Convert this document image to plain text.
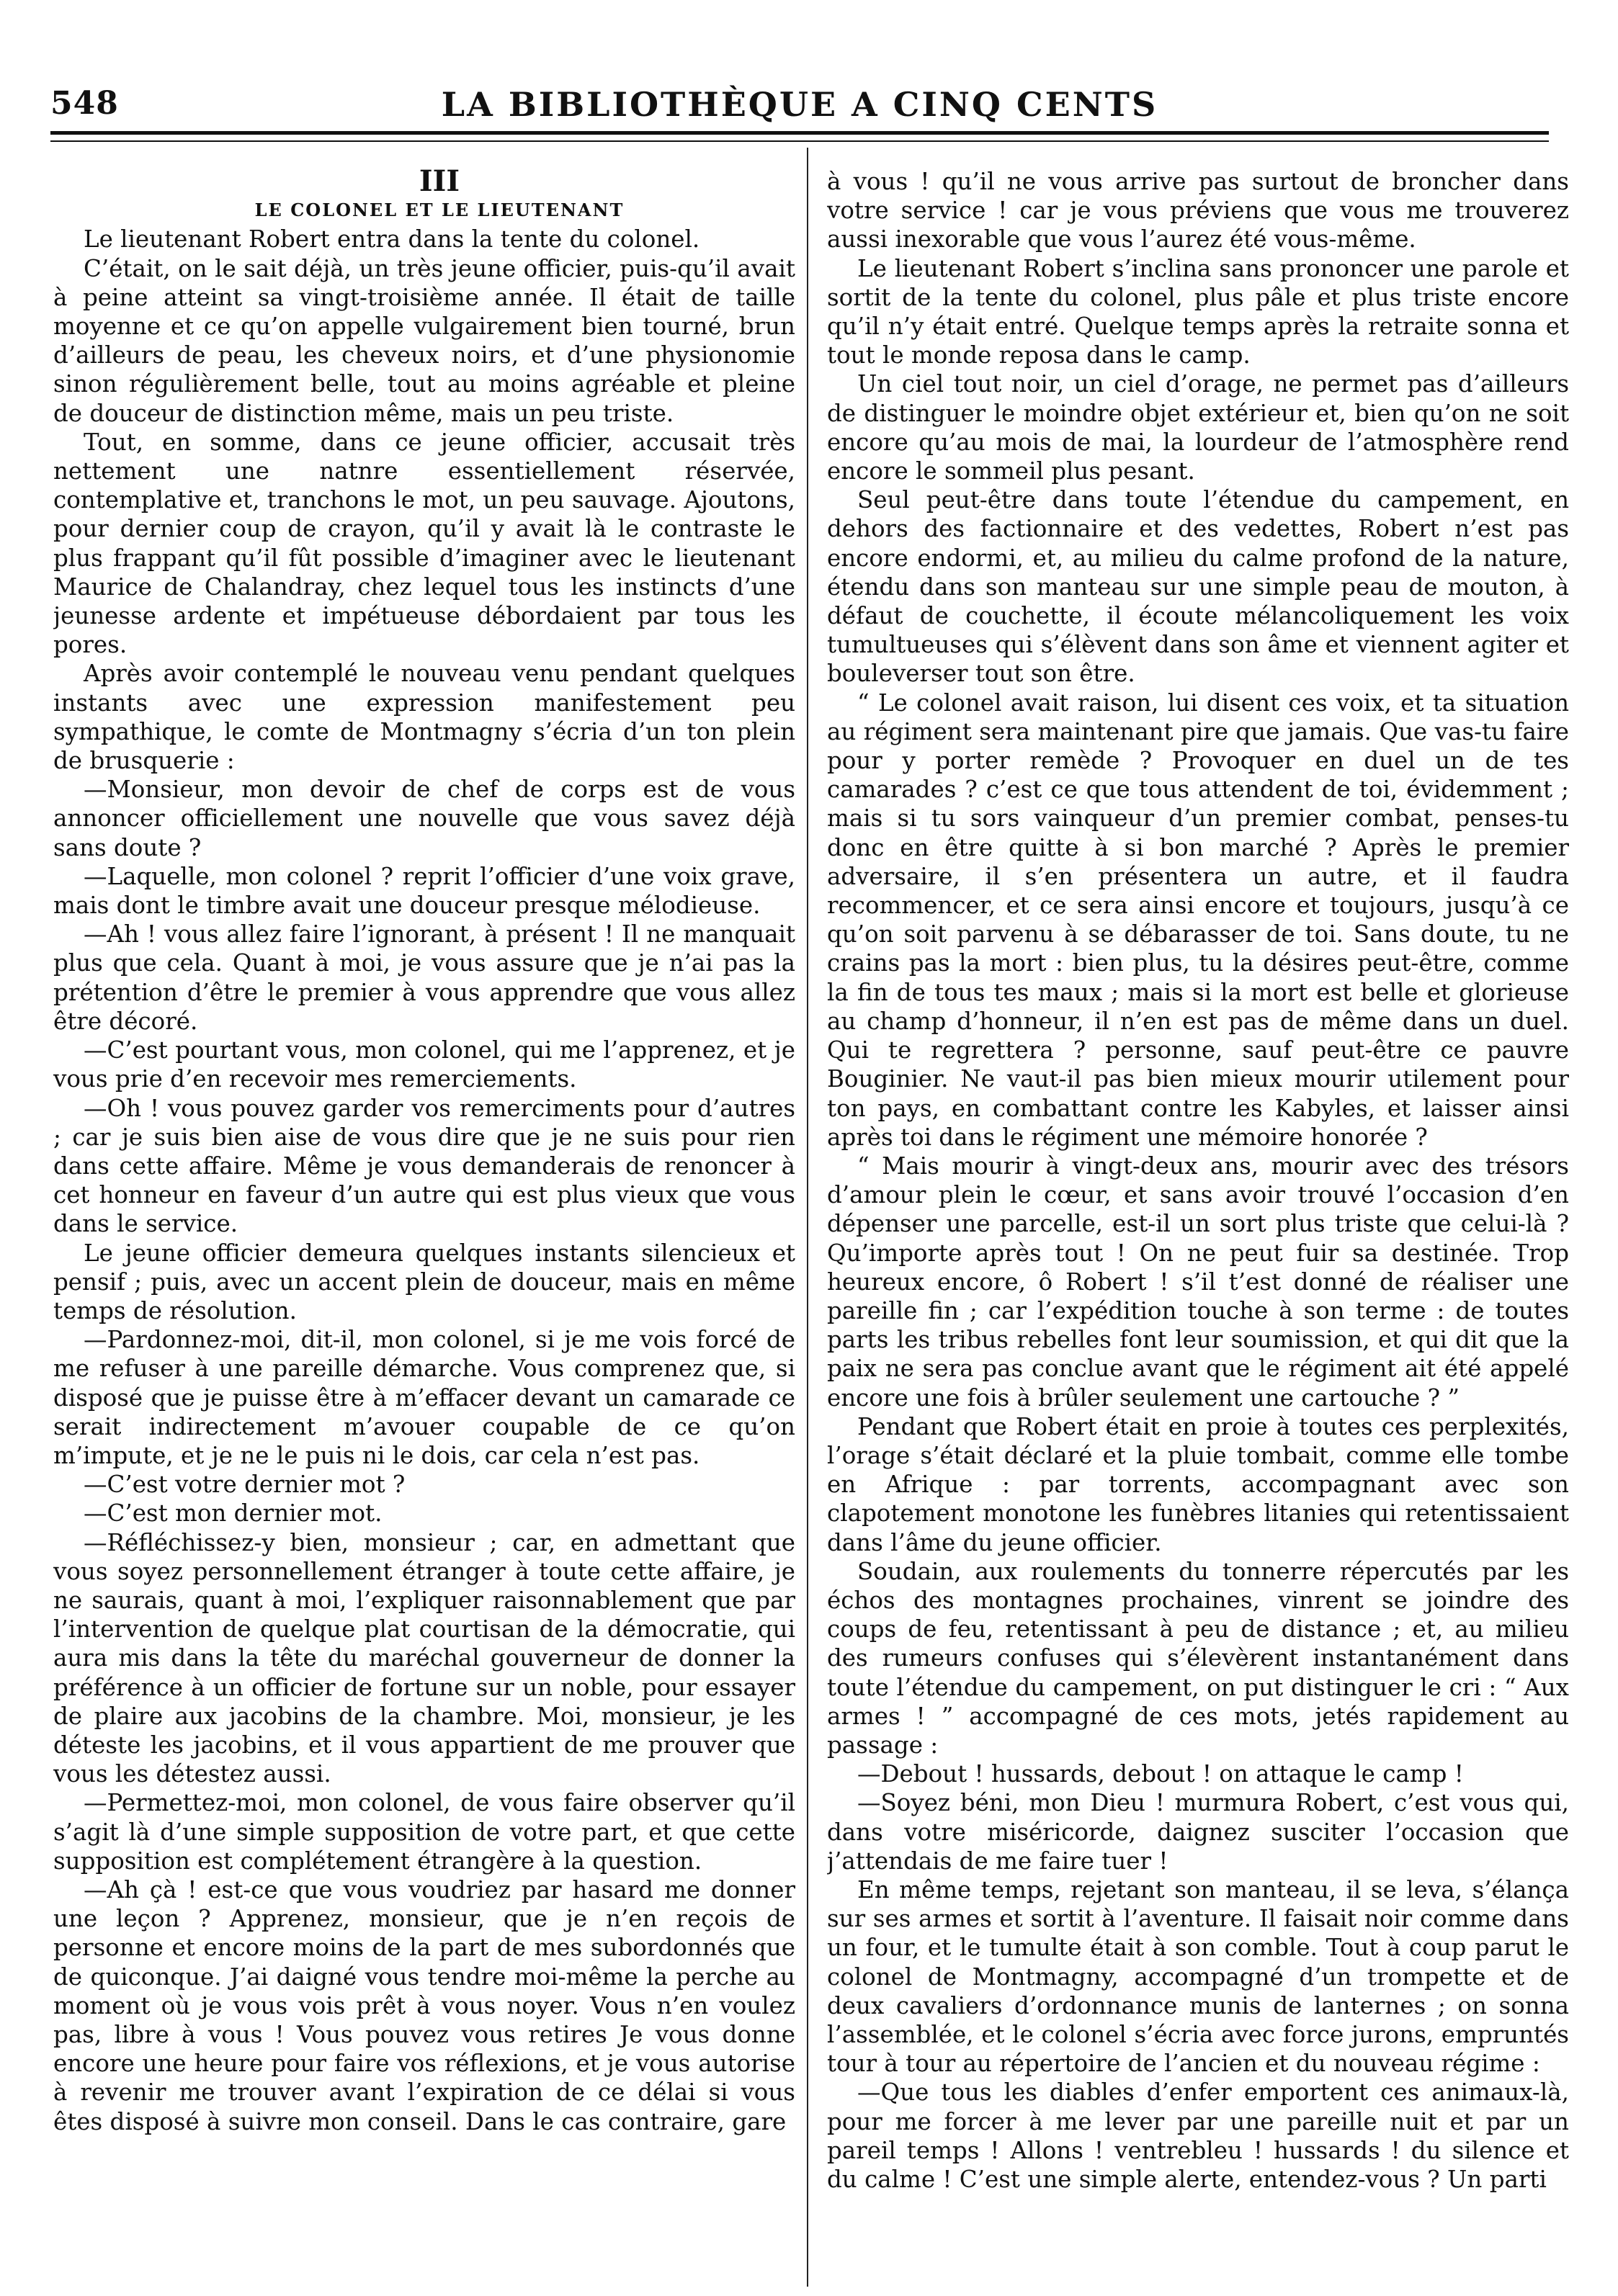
548	LA BIBLIOTHÈQUE A CINQ CENTS

III

LE COLONEL ET LE LIEUTENANT

Le lieutenant Robert entra dans la tente du colonel.

C’était, on le sait déjà, un très jeune officier, puis-qu’il avait à peine atteint sa vingt-troisième année. Il était de taille moyenne et ce qu’on appelle vulgairement bien tourné, brun d’ailleurs de peau, les cheveux noirs, et d’une physionomie sinon régulièrement belle, tout au moins agréable et pleine de douceur de distinction même, mais un peu triste.

Tout, en somme, dans ce jeune officier, accusait très nettement une natnre essentiellement réservée, contemplative et, tranchons le mot, un peu sauvage. Ajoutons, pour dernier coup de crayon, qu’il y avait là le contraste le plus frappant qu’il fût possible d’imaginer avec le lieutenant Maurice de Chalandray, chez lequel tous les instincts d’une jeunesse ardente et impétueuse débordaient par tous les pores.

Après avoir contemplé le nouveau venu pendant quelques instants avec une expression manifestement peu sympathique, le comte de Montmagny s’écria d’un ton plein de brusquerie :

—Monsieur, mon devoir de chef de corps est de vous annoncer officiellement une nouvelle que vous savez déjà sans doute ?

—Laquelle, mon colonel ? reprit l’officier d’une voix grave, mais dont le timbre avait une douceur presque mélodieuse.

—Ah ! vous allez faire l’ignorant, à présent ! Il ne manquait plus que cela. Quant à moi, je vous assure que je n’ai pas la prétention d’être le premier à vous apprendre que vous allez être décoré.

—C’est pourtant vous, mon colonel, qui me l’apprenez, et je vous prie d’en recevoir mes remerciements.

—Oh ! vous pouvez garder vos remerciments pour d’autres ; car je suis bien aise de vous dire que je ne suis pour rien dans cette affaire. Même je vous demanderais de renoncer à cet honneur en faveur d’un autre qui est plus vieux que vous dans le service.

Le jeune officier demeura quelques instants silencieux et pensif ; puis, avec un accent plein de douceur, mais en même temps de résolution.

—Pardonnez-moi, dit-il, mon colonel, si je me vois forcé de me refuser à une pareille démarche. Vous comprenez que, si disposé que je puisse être à m’effacer devant un camarade ce serait indirectement m’avouer coupable de ce qu’on m’impute, et je ne le puis ni le dois, car cela n’est pas.

—C’est votre dernier mot ?

—C’est mon dernier mot.

—Réfléchissez-y bien, monsieur ; car, en admettant que vous soyez personnellement étranger à toute cette affaire, je ne saurais, quant à moi, l’expliquer raisonnablement que par l’intervention de quelque plat courtisan de la démocratie, qui aura mis dans la tête du maréchal gouverneur de donner la préférence à un officier de fortune sur un noble, pour essayer de plaire aux jacobins de la chambre. Moi, monsieur, je les déteste les jacobins, et il vous appartient de me prouver que vous les détestez aussi.

—Permettez-moi, mon colonel, de vous faire observer qu’il s’agit là d’une simple supposition de votre part, et que cette supposition est complétement étrangère à la question.

—Ah çà ! est-ce que vous voudriez par hasard me donner une leçon ? Apprenez, monsieur, que je n’en reçois de personne et encore moins de la part de mes subordonnés que de quiconque. J’ai daigné vous tendre moi-même la perche au moment où je vous vois prêt à vous noyer. Vous n’en voulez pas, libre à vous ! Vous pouvez vous retires Je vous donne encore une heure pour faire vos réflexions, et je vous autorise à revenir me trouver avant l’expiration de ce délai si vous êtes disposé à suivre mon conseil. Dans le cas contraire, gare

à vous ! qu’il ne vous arrive pas surtout de broncher dans votre service ! car je vous préviens que vous me trouverez aussi inexorable que vous l’aurez été vous-même.

Le lieutenant Robert s’inclina sans prononcer une parole et sortit de la tente du colonel, plus pâle et plus triste encore qu’il n’y était entré. Quelque temps après la retraite sonna et tout le monde reposa dans le camp.

Un ciel tout noir, un ciel d’orage, ne permet pas d’ailleurs de distinguer le moindre objet extérieur et, bien qu’on ne soit encore qu’au mois de mai, la lourdeur de l’atmosphère rend encore le sommeil plus pesant.

Seul peut-être dans toute l’étendue du campement, en dehors des factionnaire et des vedettes, Robert n’est pas encore endormi, et, au milieu du calme profond de la nature, étendu dans son manteau sur une simple peau de mouton, à défaut de couchette, il écoute mélancoliquement les voix tumultueuses qui s’élèvent dans son âme et viennent agiter et bouleverser tout son être.

“ Le colonel avait raison, lui disent ces voix, et ta situation au régiment sera maintenant pire que jamais. Que vas-tu faire pour y porter remède ? Provoquer en duel un de tes camarades ? c’est ce que tous attendent de toi, évidemment ; mais si tu sors vainqueur d’un premier combat, penses-tu donc en être quitte à si bon marché ? Après le premier adversaire, il s’en présentera un autre, et il faudra recommencer, et ce sera ainsi encore et toujours, jusqu’à ce qu’on soit parvenu à se débarasser de toi. Sans doute, tu ne crains pas la mort : bien plus, tu la désires peut-être, comme la fin de tous tes maux ; mais si la mort est belle et glorieuse au champ d’honneur, il n’en est pas de même dans un duel. Qui te regrettera ? personne, sauf peut-être ce pauvre Bouginier. Ne vaut-il pas bien mieux mourir utilement pour ton pays, en combattant contre les Kabyles, et laisser ainsi après toi dans le régiment une mémoire honorée ?

“ Mais mourir à vingt-deux ans, mourir avec des trésors d’amour plein le cœur, et sans avoir trouvé l’occasion d’en dépenser une parcelle, est-il un sort plus triste que celui-là ? Qu’importe après tout ! On ne peut fuir sa destinée. Trop heureux encore, ô Robert ! s’il t’est donné de réaliser une pareille fin ; car l’expédition touche à son terme : de toutes parts les tribus rebelles font leur soumission, et qui dit que la paix ne sera pas conclue avant que le régiment ait été appelé encore une fois à brûler seulement une cartouche ? ”

Pendant que Robert était en proie à toutes ces perplexités, l’orage s’était déclaré et la pluie tombait, comme elle tombe en Afrique : par torrents, accompagnant avec son clapotement monotone les funèbres litanies qui retentissaient dans l’âme du jeune officier.

Soudain, aux roulements du tonnerre répercutés par les échos des montagnes prochaines, vinrent se joindre des coups de feu, retentissant à peu de distance ; et, au milieu des rumeurs confuses qui s’élevèrent instantanément dans toute l’étendue du campement, on put distinguer le cri : “ Aux armes ! ” accompagné de ces mots, jetés rapidement au passage :

—Debout ! hussards, debout ! on attaque le camp !

—Soyez béni, mon Dieu ! murmura Robert, c’est vous qui, dans votre miséricorde, daignez susciter l’occasion que j’attendais de me faire tuer !

En même temps, rejetant son manteau, il se leva, s’élança sur ses armes et sortit à l’aventure. Il faisait noir comme dans un four, et le tumulte était à son comble. Tout à coup parut le colonel de Montmagny, accompagné d’un trompette et de deux cavaliers d’ordonnance munis de lanternes ; on sonna l’assemblée, et le colonel s’écria avec force jurons, empruntés tour à tour au répertoire de l’ancien et du nouveau régime :

—Que tous les diables d’enfer emportent ces animaux-là, pour me forcer à me lever par une pareille nuit et par un pareil temps ! Allons ! ventrebleu ! hussards ! du silence et du calme ! C’est une simple alerte, entendez-vous ? Un parti
